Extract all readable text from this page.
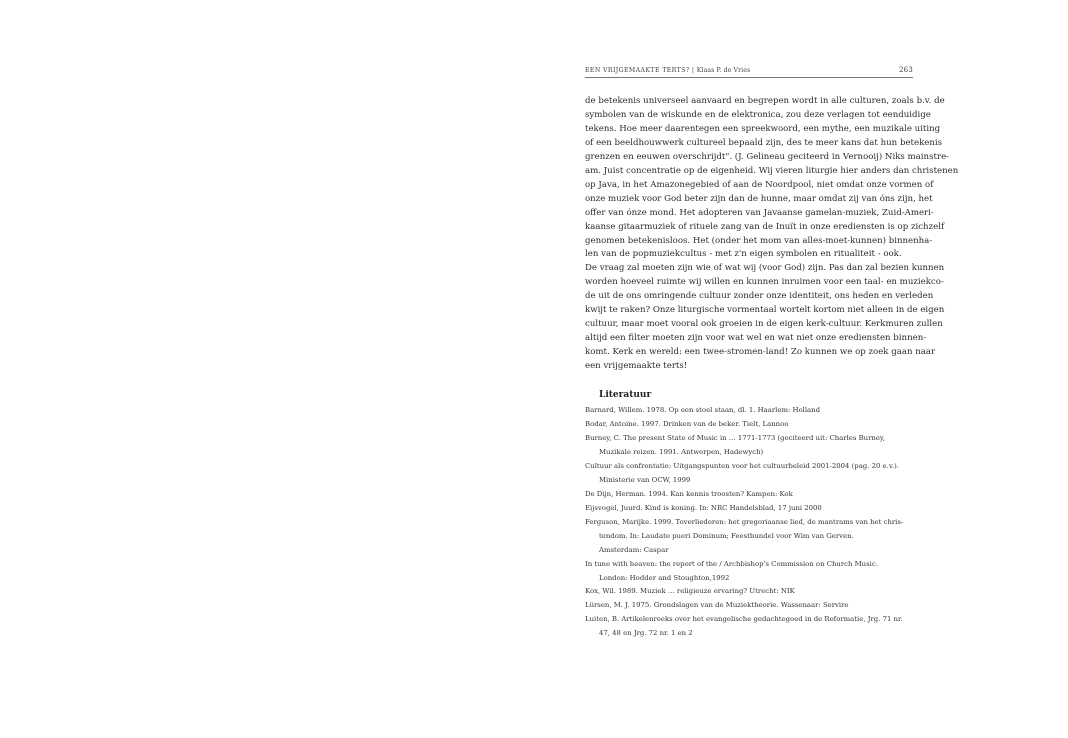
EEN VRIJGEMAAKTE TERTS? | Klaas P. de Vries	263
de betekenis universeel aanvaard en begrepen wordt in alle culturen, zoals b.v. de
symbolen van de wiskunde en de elektronica, zou deze verlagen tot eenduidige
tekens. Hoe meer daarentegen een spreekwoord, een mythe, een muzikale uiting
of een beeldhouwwerk cultureel bepaald zijn, des te meer kans dat hun betekenis
grenzen en eeuwen overschrijdt". (J. Gelineau geciteerd in Vernooij) Niks mainstre-
am. Juist concentratie op de eigenheid. Wij vieren liturgie hier anders dan christenen
op Java, in het Amazonegebied of aan de Noordpool, niet omdat onze vormen of
onze muziek voor God beter zijn dan de hunne, maar omdat zij van óns zijn, het
offer van ónze mond. Het adopteren van Javaanse gamelan-muziek, Zuid-Ameri-
kaanse gitaarmuziek of rituele zang van de Inuït in onze erediensten is op zichzelf
genomen betekenisloos. Het (onder het mom van alles-moet-kunnen) binnenha-
len van de popmuziekcultus - met z'n eigen symbolen en ritualiteit - ook.
De vraag zal moeten zijn wie of wat wij (voor God) zijn. Pas dan zal bezien kunnen
worden hoeveel ruimte wij willen en kunnen inruimen voor een taal- en muziekco-
de uit de ons omringende cultuur zonder onze identiteit, ons heden en verleden
kwijt te raken? Onze liturgische vormentaal wortelt kortom niet alleen in de eigen
cultuur, maar moet vooral ook groeien in de eigen kerk-cultuur. Kerkmuren zullen
altijd een filter moeten zijn voor wat wel en wat niet onze erediensten binnen-
komt. Kerk en wereld: een twee-stromen-land! Zo kunnen we op zoek gaan naar
een vrijgemaakte terts!
Literatuur
Barnard, Willem. 1978. Op een stoel staan, dl. 1. Haarlem: Holland
Bodar, Antoine. 1997. Drinken van de beker. Tielt, Lannoo
Burney, C. The present State of Music in … 1771-1773 (geciteerd uit: Charles Burney,
Muzikale reizen. 1991. Antwerpen, Hadewych)
Cultuur als confrontatie: Uitgangspunten voor het cultuurbeleid 2001-2004 (pag. 20 e.v.).
Ministerie van OCW, 1999
De Dijn, Herman. 1994. Kan kennis troosten? Kampen: Kok
Eijsvogel, Juurd. Kind is koning. In: NRC Handelsblad, 17 juni 2000
Ferguson, Marijke. 1999. Toverliederen: het gregoriaanse lied, de mantrams van het chris-
tendom. In: Laudate pueri Dominum; Feestbundel voor Wim van Gerven.
Amsterdam: Caspar
In tune with heaven: the report of the / Archbishop's Commission on Church Music.
London: Hodder and Stoughton,1992
Kox, Wil. 1989. Muziek … religieuze ervaring? Utrecht: NIK
Lürsen, M. J. 1975. Grondslagen van de Muziektheorie. Wassenaar: Servire
Luiten, B. Artikelenreeks over het evangelische gedachtegoed in de Reformatie, Jrg. 71 nr.
47, 48 en Jrg. 72 nr. 1 en 2
